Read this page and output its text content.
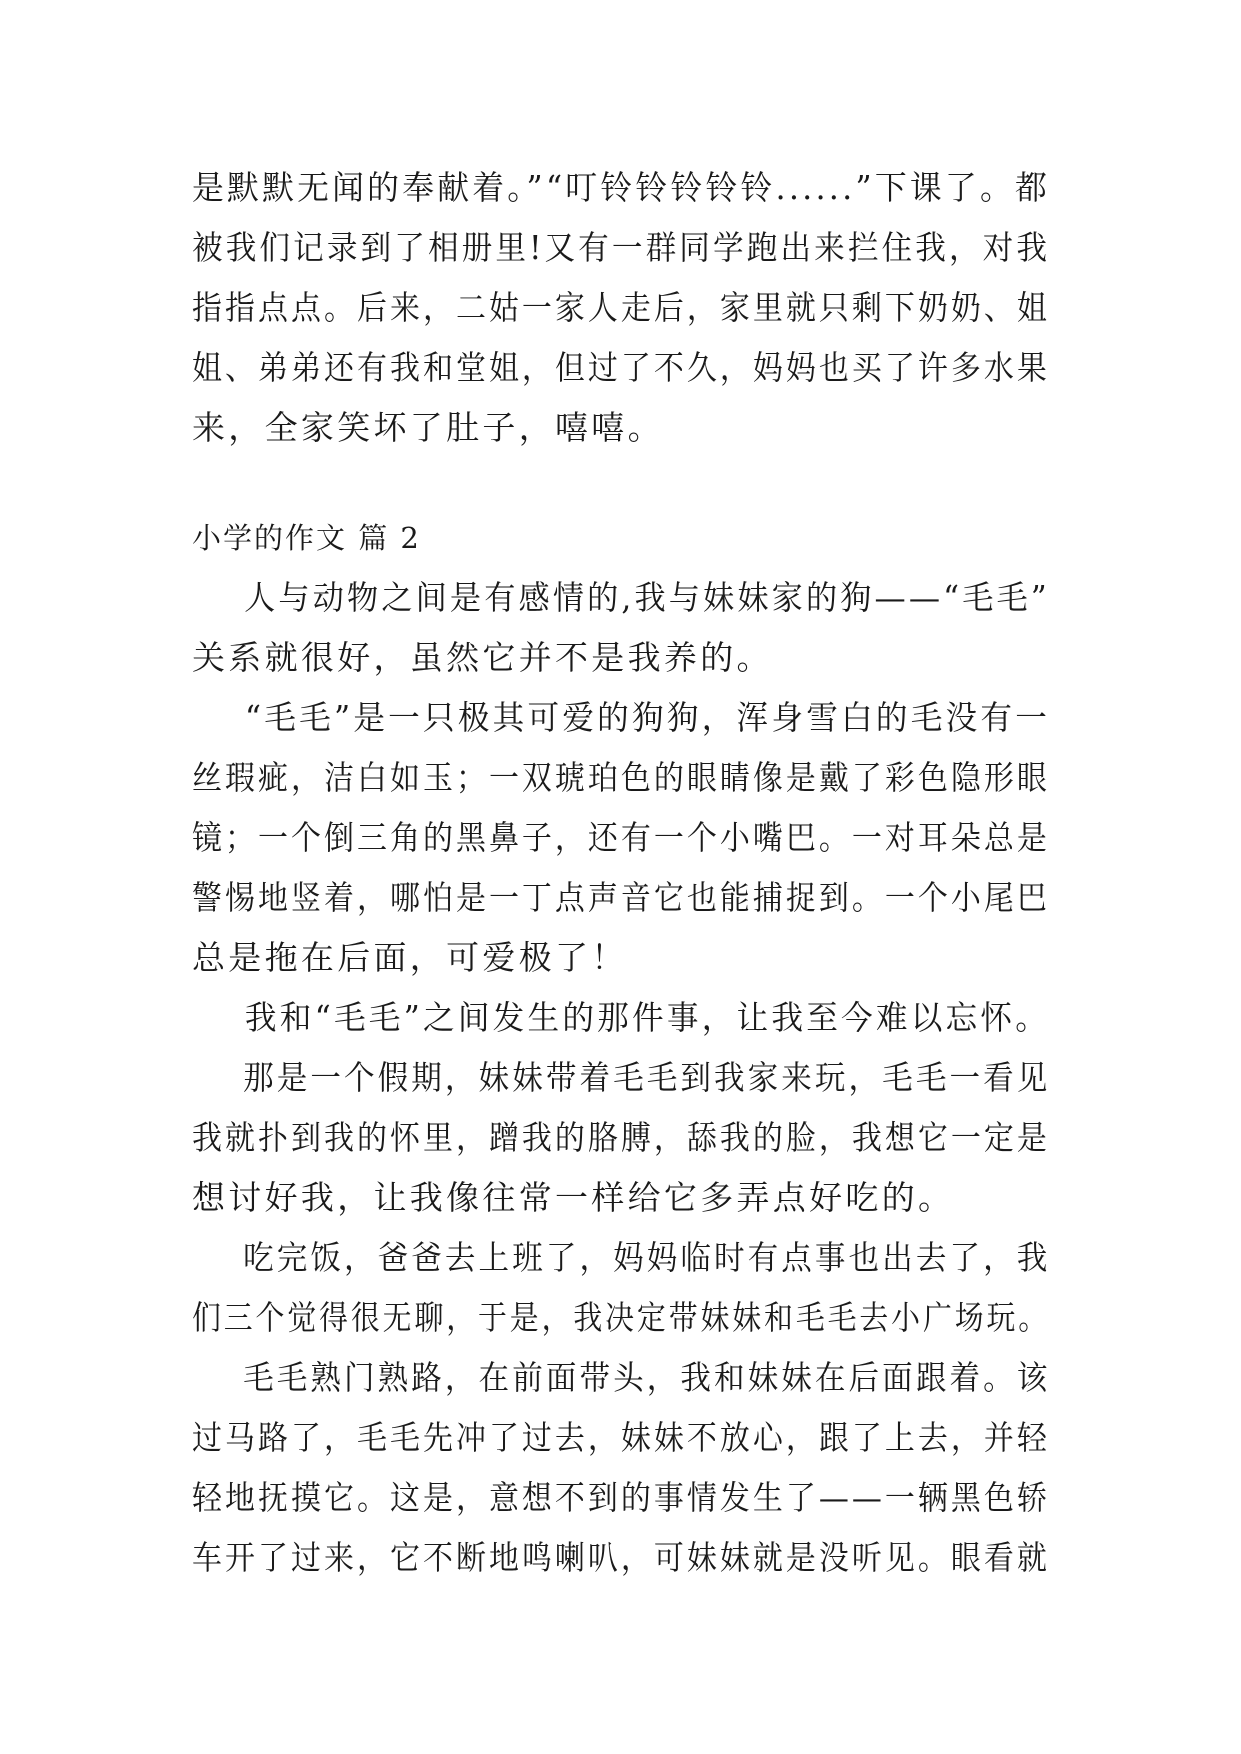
是默默无闻的奉献着。”“叮铃铃铃铃铃......”下课了。都
被我们记录到了相册里!又有一群同学跑出来拦住我，对我
指指点点。后来，二姑一家人走后，家里就只剩下奶奶、姐
姐、弟弟还有我和堂姐，但过了不久，妈妈也买了许多水果
来，全家笑坏了肚子，嘻嘻。
小学的作文 篇 2
人与动物之间是有感情的,我与妹妹家的狗——“毛毛”
关系就很好，虽然它并不是我养的。
“毛毛”是一只极其可爱的狗狗，浑身雪白的毛没有一
丝瑕疵，洁白如玉；一双琥珀色的眼睛像是戴了彩色隐形眼
镜；一个倒三角的黑鼻子，还有一个小嘴巴。一对耳朵总是
警惕地竖着，哪怕是一丁点声音它也能捕捉到。一个小尾巴
总是拖在后面，可爱极了！
我和“毛毛”之间发生的那件事，让我至今难以忘怀。
那是一个假期，妹妹带着毛毛到我家来玩，毛毛一看见
我就扑到我的怀里，蹭我的胳膊，舔我的脸，我想它一定是
想讨好我，让我像往常一样给它多弄点好吃的。
吃完饭，爸爸去上班了，妈妈临时有点事也出去了，我
们三个觉得很无聊，于是，我决定带妹妹和毛毛去小广场玩。
毛毛熟门熟路，在前面带头，我和妹妹在后面跟着。该
过马路了，毛毛先冲了过去，妹妹不放心，跟了上去，并轻
轻地抚摸它。这是，意想不到的事情发生了——一辆黑色轿
车开了过来，它不断地鸣喇叭，可妹妹就是没听见。眼看就
